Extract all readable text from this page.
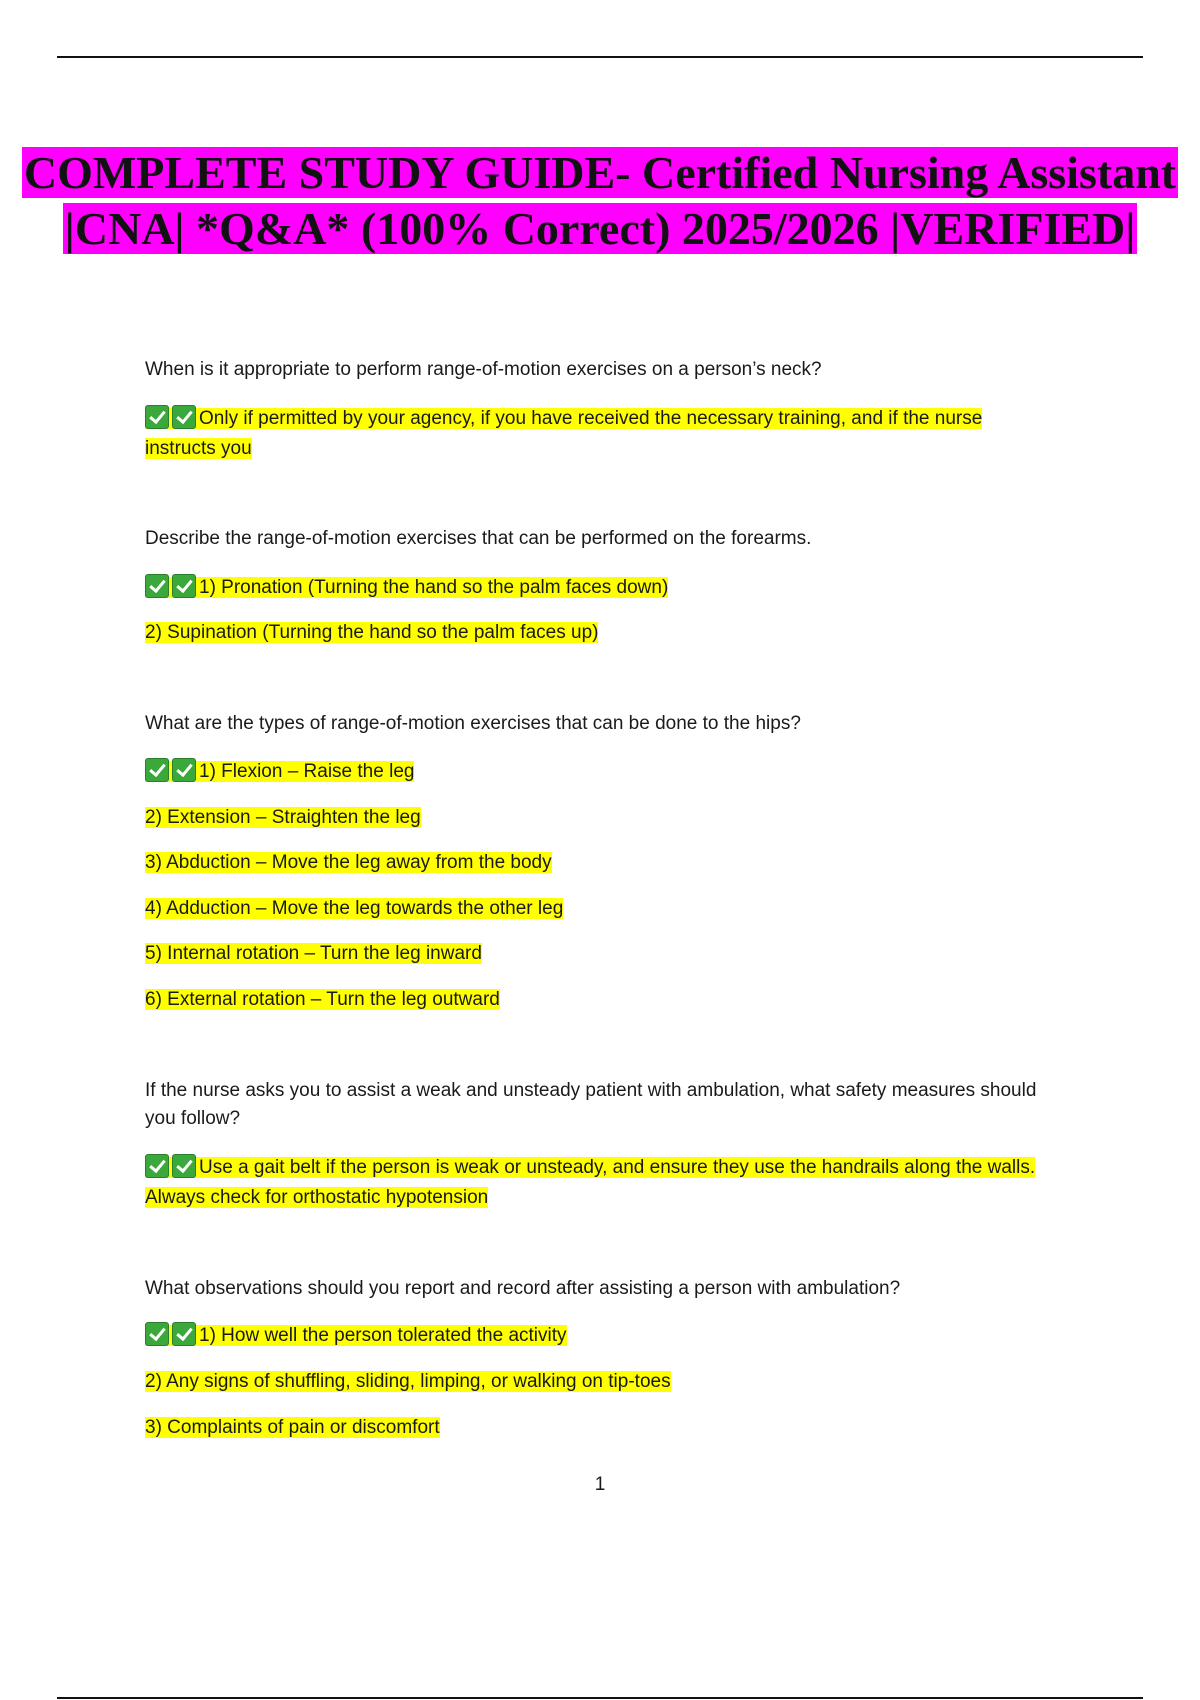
COMPLETE STUDY GUIDE- Certified Nursing Assistant |CNA| *Q&A* (100% Correct) 2025/2026 |VERIFIED|

When is it appropriate to perform range-of-motion exercises on a person’s neck?

Only if permitted by your agency, if you have received the necessary training, and if the nurse instructs you

Describe the range-of-motion exercises that can be performed on the forearms.

1) Pronation (Turning the hand so the palm faces down)

2) Supination (Turning the hand so the palm faces up)

What are the types of range-of-motion exercises that can be done to the hips?

1) Flexion – Raise the leg

2) Extension – Straighten the leg

3) Abduction – Move the leg away from the body

4) Adduction – Move the leg towards the other leg

5) Internal rotation – Turn the leg inward

6) External rotation – Turn the leg outward

If the nurse asks you to assist a weak and unsteady patient with ambulation, what safety measures should you follow?

Use a gait belt if the person is weak or unsteady, and ensure they use the handrails along the walls. Always check for orthostatic hypotension

What observations should you report and record after assisting a person with ambulation?

1) How well the person tolerated the activity

2) Any signs of shuffling, sliding, limping, or walking on tip-toes

3) Complaints of pain or discomfort

1
